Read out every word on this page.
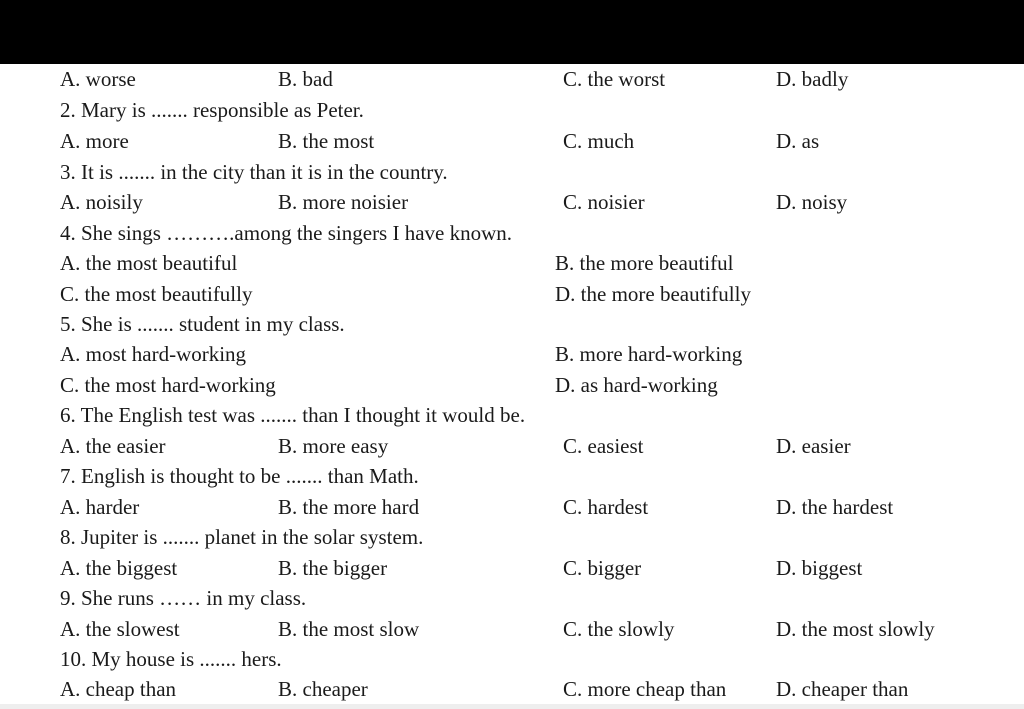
A. worse	B. bad	C. the worst	D. badly
2. Mary is ....... responsible as Peter.
A. more	B. the most	C. much	D. as
3. It is ....... in the city than it is in the country.
A. noisily	B. more noisier	C. noisier	D. noisy
4. She sings ……….among the singers I have known.
A. the most beautiful	B. the more beautiful
C. the most beautifully	D. the more beautifully
5. She is ....... student in my class.
A. most hard-working	B. more hard-working
C. the most hard-working	D. as hard-working
6. The English test was ....... than I thought it would be.
A. the easier	B. more easy	C. easiest	D. easier
7. English is thought to be ....... than Math.
A. harder	B. the more hard	C. hardest	D. the hardest
8. Jupiter is ....... planet in the solar system.
A. the biggest	B. the bigger	C. bigger	D. biggest
9. She runs …… in my class.
A. the slowest	B. the most slow	C. the slowly	D. the most slowly
10. My house is ....... hers.
A. cheap than	B. cheaper	C. more cheap than D. cheaper than
